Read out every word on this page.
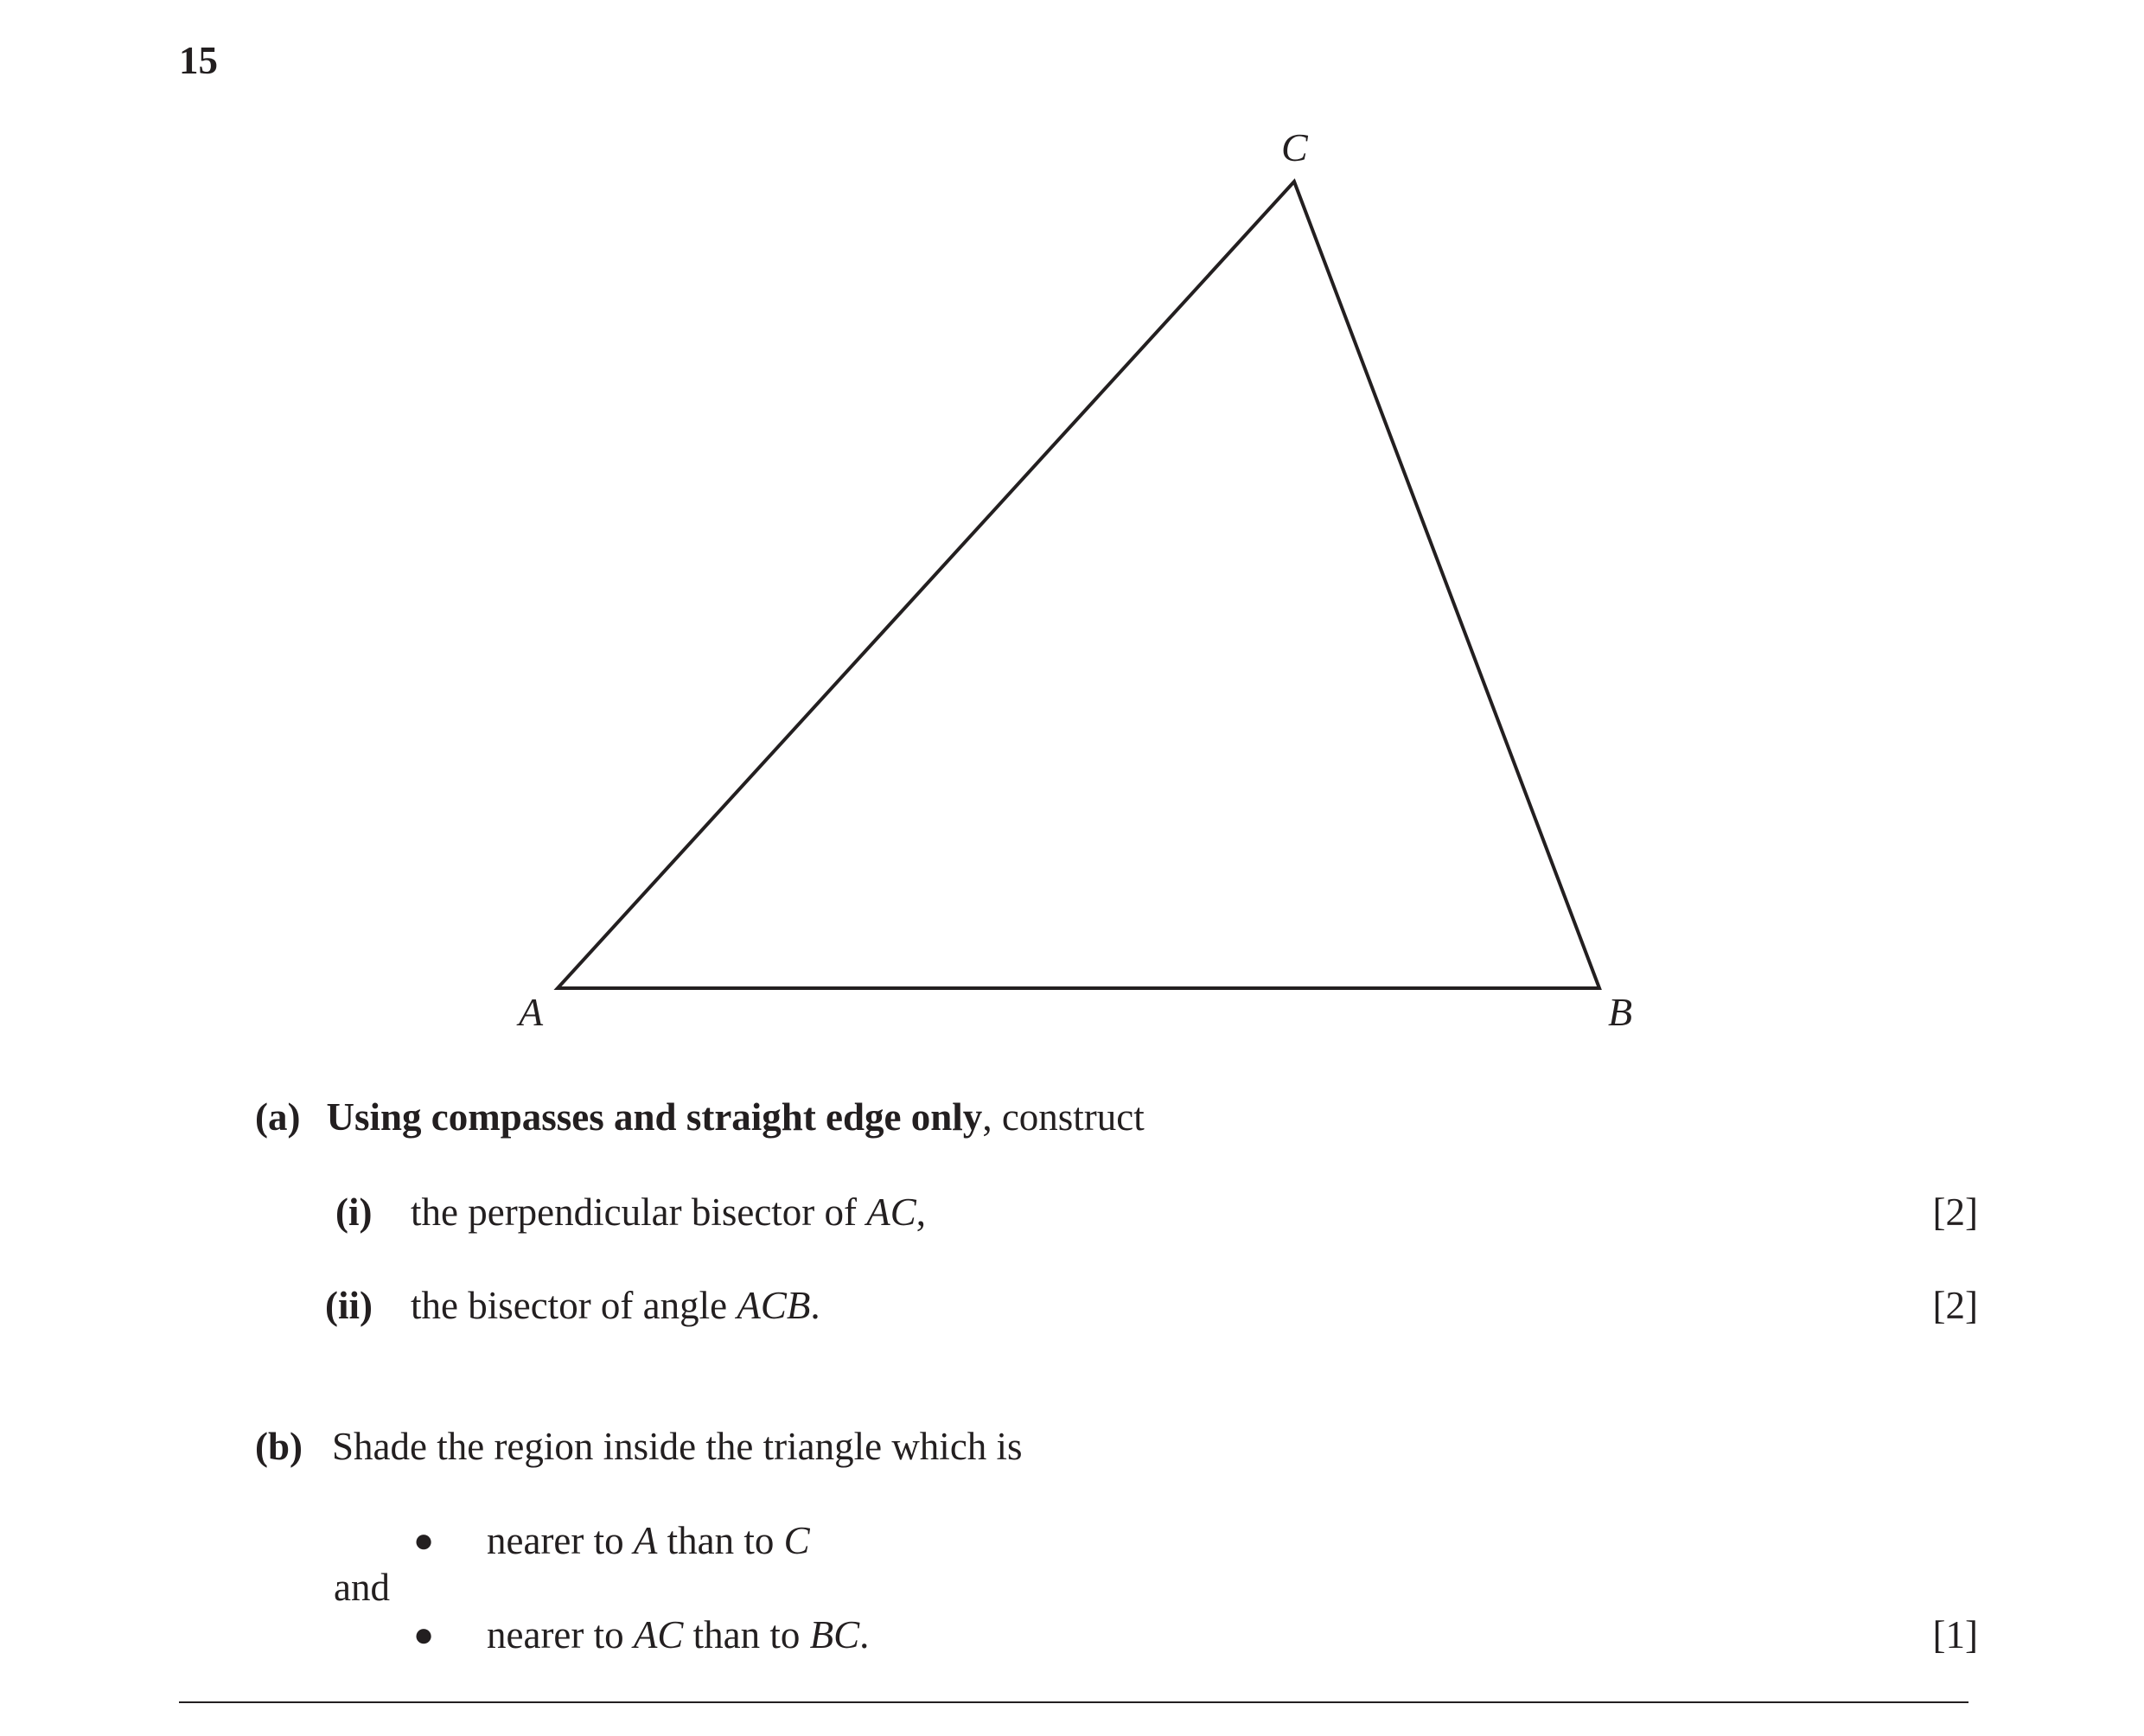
15
A	B
C
(a) Using compasses and straight edge only, construct
(i) the perpendicular bisector of AC,	[2]
(ii) the bisector of angle ACB.	[2]
(b) Shade the region inside the triangle which is
● nearer to A than to C
and
● nearer to AC than to BC.	[1]
